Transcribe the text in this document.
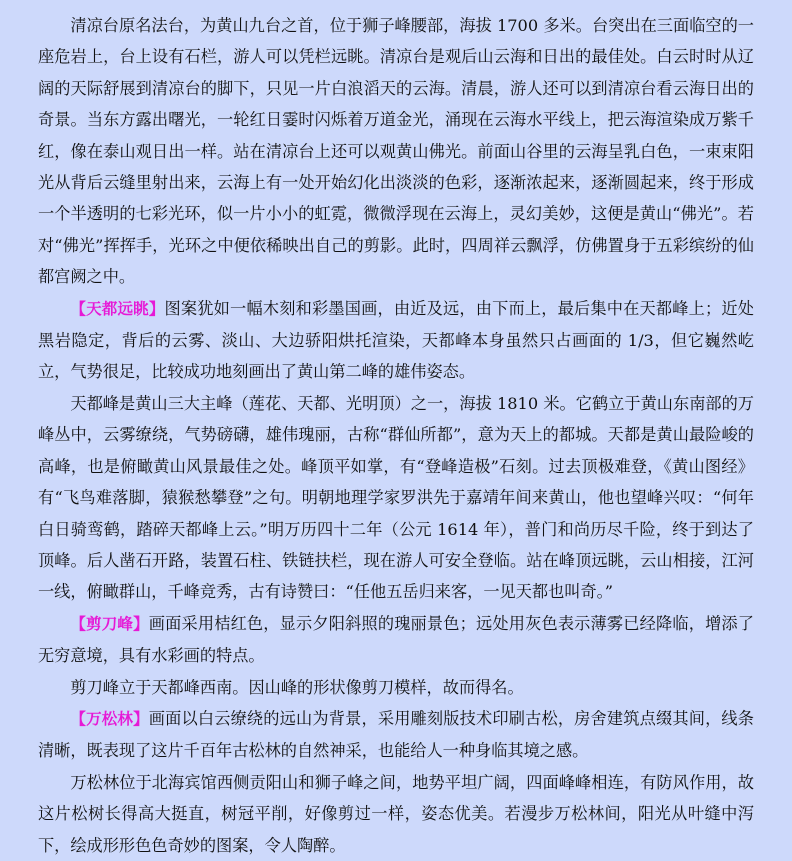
清凉台原名法台，为黄山九台之首，位于狮子峰腰部，海拔 1700 多米。台突出在三面临空的一座危岩上，台上设有石栏，游人可以凭栏远眺。清凉台是观后山云海和日出的最佳处。白云时时从辽阔的天际舒展到清凉台的脚下，只见一片白浪滔天的云海。清晨，游人还可以到清凉台看云海日出的奇景。当东方露出曙光，一轮红日霎时闪烁着万道金光，涌现在云海水平线上，把云海渲染成万紫千红，像在泰山观日出一样。站在清凉台上还可以观黄山佛光。前面山谷里的云海呈乳白色，一束束阳光从背后云缝里射出来，云海上有一处开始幻化出淡淡的色彩，逐渐浓起来，逐渐圆起来，终于形成一个半透明的七彩光环，似一片小小的虹霓，微微浮现在云海上，灵幻美妙，这便是黄山“佛光”。若对“佛光”挥挥手，光环之中便依稀映出自己的剪影。此时，四周祥云飘浮，仿佛置身于五彩缤纷的仙都宫阙之中。

【天都远眺】图案犹如一幅木刻和彩墨国画，由近及远，由下而上，最后集中在天都峰上；近处黑岩隐定，背后的云雾、淡山、大边骄阳烘托渲染，天都峰本身虽然只占画面的 1/3，但它巍然屹立，气势很足，比较成功地刻画出了黄山第二峰的雄伟姿态。

天都峰是黄山三大主峰（莲花、天都、光明顶）之一，海拔 1810 米。它鹤立于黄山东南部的万峰丛中，云雾缭绕，气势磅礴，雄伟瑰丽，古称“群仙所都”，意为天上的都城。天都是黄山最险峻的高峰，也是俯瞰黄山风景最佳之处。峰顶平如掌，有“登峰造极”石刻。过去顶极难登，《黄山图经》有“飞鸟难落脚，猿猴愁攀登”之句。明朝地理学家罗洪先于嘉靖年间来黄山，他也望峰兴叹：“何年白日骑鸾鹤，踏碎天都峰上云。”明万历四十二年（公元 1614 年），普门和尚历尽千险，终于到达了顶峰。后人凿石开路，装置石柱、铁链扶栏，现在游人可安全登临。站在峰顶远眺，云山相接，江河一线，俯瞰群山，千峰竞秀，古有诗赞曰：“任他五岳归来客，一见天都也叫奇。”

【剪刀峰】画面采用桔红色，显示夕阳斜照的瑰丽景色；远处用灰色表示薄雾已经降临，增添了无穷意境，具有水彩画的特点。

剪刀峰立于天都峰西南。因山峰的形状像剪刀模样，故而得名。

【万松林】画面以白云缭绕的远山为背景，采用雕刻版技术印刷古松，房舍建筑点缀其间，线条清晰，既表现了这片千百年古松林的自然神采，也能给人一种身临其境之感。

万松林位于北海宾馆西侧贡阳山和狮子峰之间，地势平坦广阔，四面峰峰相连，有防风作用，故这片松树长得高大挺直，树冠平削，好像剪过一样，姿态优美。若漫步万松林间，阳光从叶缝中泻下，绘成形形色色奇妙的图案，令人陶醉。
